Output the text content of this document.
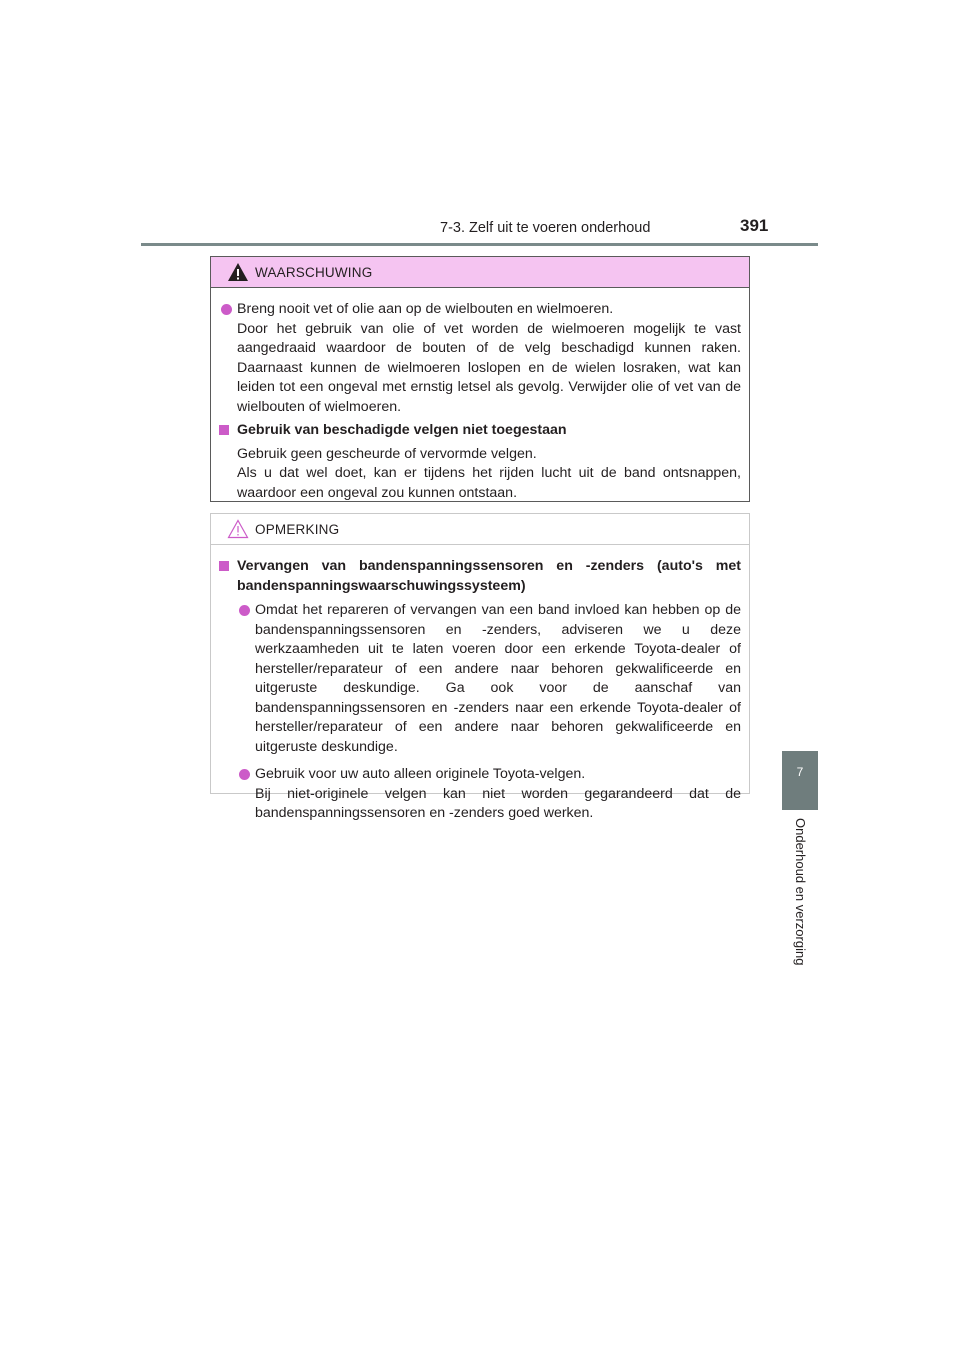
7-3. Zelf uit te voeren onderhoud	391
7
Onderhoud en verzorging
WAARSCHUWING
Breng nooit vet of olie aan op de wielbouten en wielmoeren.
Door het gebruik van olie of vet worden de wielmoeren mogelijk te vast aangedraaid waardoor de bouten of de velg beschadigd kunnen raken. Daarnaast kunnen de wielmoeren loslopen en de wielen losraken, wat kan leiden tot een ongeval met ernstig letsel als gevolg. Verwijder olie of vet van de wielbouten of wielmoeren.
Gebruik van beschadigde velgen niet toegestaan
Gebruik geen gescheurde of vervormde velgen.
Als u dat wel doet, kan er tijdens het rijden lucht uit de band ontsnappen, waardoor een ongeval zou kunnen ontstaan.
OPMERKING
Vervangen van bandenspanningssensoren en -zenders (auto's met bandenspanningswaarschuwingssysteem)
Omdat het repareren of vervangen van een band invloed kan hebben op de bandenspanningssensoren en -zenders, adviseren we u deze werkzaamheden uit te laten voeren door een erkende Toyota-dealer of hersteller/reparateur of een andere naar behoren gekwalificeerde en uitgeruste deskundige. Ga ook voor de aanschaf van bandenspanningssensoren en -zenders naar een erkende Toyota-dealer of hersteller/reparateur of een andere naar behoren gekwalificeerde en uitgeruste deskundige.
Gebruik voor uw auto alleen originele Toyota-velgen.
Bij niet-originele velgen kan niet worden gegarandeerd dat de bandenspanningssensoren en -zenders goed werken.
